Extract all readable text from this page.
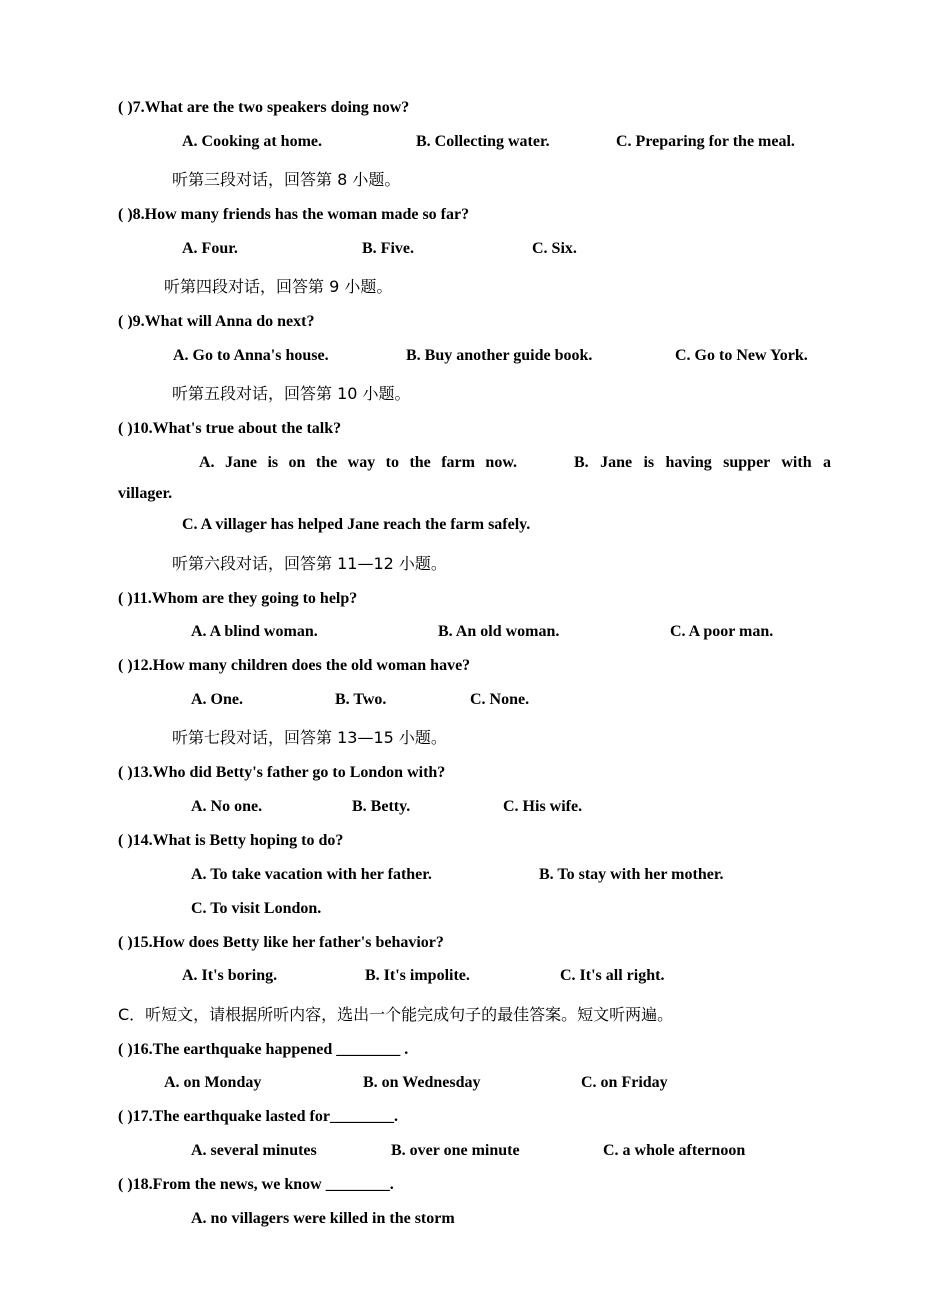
( )7.What are the two speakers doing now?
A. Cooking at home.	B. Collecting water.	C. Preparing for the meal.
听第三段对话，回答第 8 小题。
( )8.How many friends has the woman made so far?
A. Four.	B. Five.	C. Six.
听第四段对话，回答第 9 小题。
( )9.What will Anna do next?
A. Go to Anna's house.	B. Buy another guide book.	C. Go to New York.
听第五段对话，回答第 10 小题。
( )10.What's true about the talk?
A. Jane is on the way to the farm now.	B. Jane is having supper with a
villager.
C. A villager has helped Jane reach the farm safely.
听第六段对话，回答第 11—12 小题。
( )11.Whom are they going to help?
A. A blind woman.	B. An old woman.	C. A poor man.
( )12.How many children does the old woman have?
A. One.	B. Two.	C. None.
听第七段对话，回答第 13—15 小题。
( )13.Who did Betty's father go to London with?
A. No one.	B. Betty.	C. His wife.
( )14.What is Betty hoping to do?
A. To take vacation with her father.	B. To stay with her mother.
C. To visit London.
( )15.How does Betty like her father's behavior?
A. It's boring.	B. It's impolite.	C. It's all right.
C．听短文，请根据所听内容，选出一个能完成句子的最佳答案。短文听两遍。
( )16.The earthquake happened ________ .
A. on Monday	B. on Wednesday	C. on Friday
( )17.The earthquake lasted for________.
A. several minutes	B. over one minute	C. a whole afternoon
( )18.From the news, we know ________.
A. no villagers were killed in the storm
